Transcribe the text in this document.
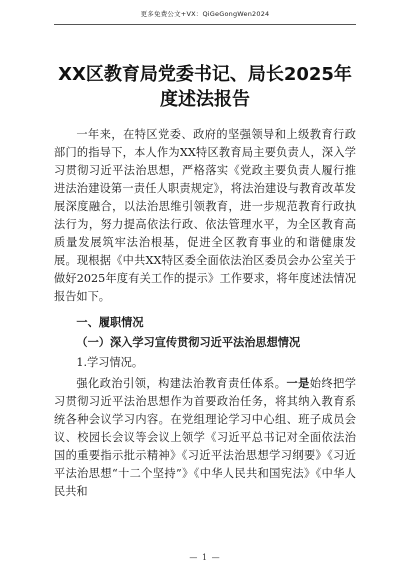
更多免费公文+VX：QiGeGongWen2024
XX区教育局党委书记、局长2025年度述法报告

一年来，在特区党委、政府的坚强领导和上级教育行政部门的指导下，本人作为XX特区教育局主要负责人，深入学习贯彻习近平法治思想，严格落实《党政主要负责人履行推进法治建设第一责任人职责规定》，将法治建设与教育改革发展深度融合，以法治思维引领教育，进一步规范教育行政执法行为，努力提高依法行政、依法管理水平，为全区教育高质量发展筑牢法治根基，促进全区教育事业的和谐健康发展。现根据《中共XX特区委全面依法治区委员会办公室关于做好2025年度有关工作的提示》工作要求，将年度述法情况报告如下。

一、履职情况

（一）深入学习宣传贯彻习近平法治思想情况

1.学习情况。

强化政治引领，构建法治教育责任体系。一是始终把学习贯彻习近平法治思想作为首要政治任务，将其纳入教育系统各种会议学习内容。在党组理论学习中心组、班子成员会议、校园长会议等会议上领学《习近平总书记对全面依法治国的重要指示批示精神》《习近平法治思想学习纲要》《习近平法治思想“十二个坚持”》《中华人民共和国宪法》《中华人民共和

— 1 —
